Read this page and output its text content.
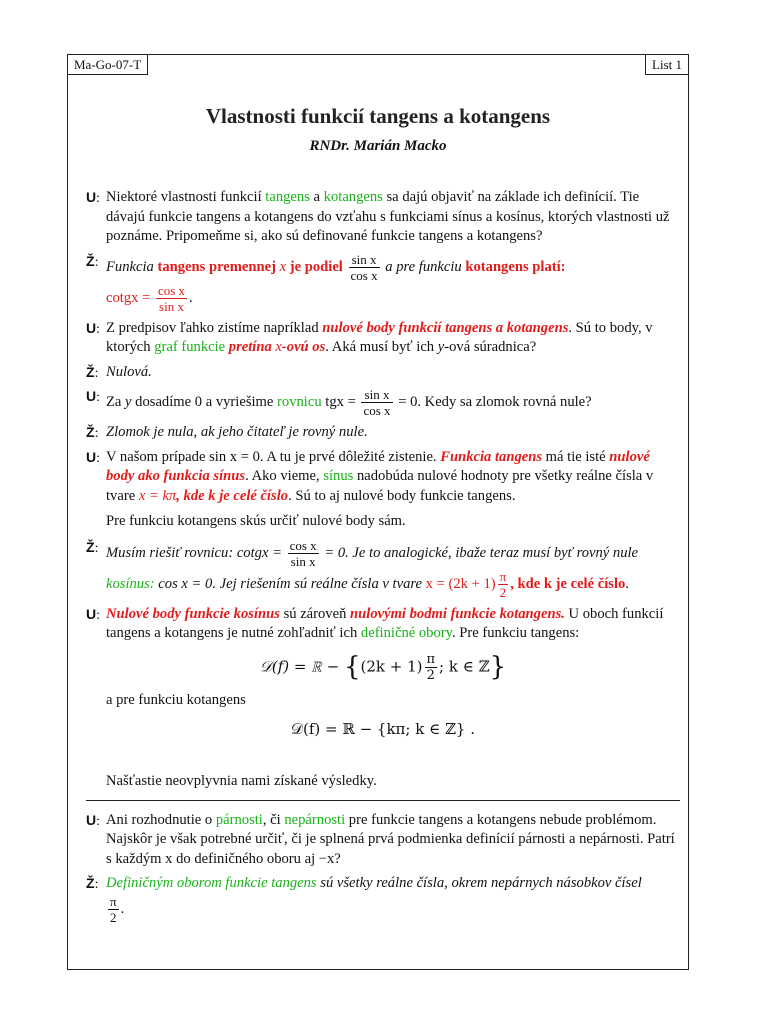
Ma-Go-07-T	List 1
Vlastnosti funkcií tangens a kotangens
RNDr. Marián Macko
U: Niektoré vlastnosti funkcií tangens a kotangens sa dajú objaviť na základe ich definícií. Tie dávajú funkcie tangens a kotangens do vzťahu s funkciami sínus a kosínus, ktorých vlastnosti už poznáme. Pripomeňme si, ako sú definované funkcie tangens a kotangens?
Ž: Funkcia tangens premennej x je podiel $\frac{\text{sin x}}{\text{cos x}}$ a pre funkciu kotangens platí:
cotgx = $\frac{\text{cos x}}{\text{sin x}}$ .
U: Z predpisov ľahko zistíme napríklad nulové body funkcií tangens a kotangens. Sú to body, v ktorých graf funkcie pretína x-ovú os. Aká musí byť ich y-ová súradnica?
Ž: Nulová.
U: Za y dosadíme 0 a vyriešime rovnicu tgx = $\frac{\text{sin x}}{\text{cos x}} = 0$. Kedy sa zlomok rovná nule?
Ž: Zlomok je nula, ak jeho čitateľ je rovný nule.
U: V našom prípade sin x = 0. A tu je prvé dôležité zistenie. Funkcia tangens má tie isté nulové body ako funkcia sínus. Ako vieme, sínus nadobúda nulové hodnoty pre všetky reálne čísla v tvare x = kπ, kde k je celé číslo. Sú to aj nulové body funkcie tangens.
Pre funkciu kotangens skús určiť nulové body sám.
Ž: Musím riešiť rovnicu: cotgx = $\frac{\text{cos x}}{\text{sin x}} = 0$. Je to analogické, ibaže teraz musí byť rovný nule kosínus: cos x = 0. Jej riešením sú reálne čísla v tvare $x = (2k + 1) \frac{\pi}{2}$ , kde k je celé číslo.
U: Nulové body funkcie kosínus sú zároveň nulovými bodmi funkcie kotangens. U oboch funkcií tangens a kotangens je nutné zohľadniť ich definičné obory. Pre funkciu tangens:
𝒟(f) = ℝ − {$(2k + 1) \frac{\pi}{2}$ ; k ∈ ℤ}
a pre funkciu kotangens
𝒟(f) = ℝ − {kπ; k ∈ ℤ} .
Našťastie neovplyvnia nami získané výsledky.
U: Ani rozhodnutie o párnosti, či nepárnosti pre funkcie tangens a kotangens nebude problémom. Najskôr je však potrebné určiť, či je splnená prvá podmienka definícií párnosti a nepárnosti. Patrí s každým x do definičného oboru aj −x?
Ž: Definičným oborom funkcie tangens sú všetky reálne čísla, okrem nepárnych násobkov čísel

$\frac{\pi}{2}$ .
